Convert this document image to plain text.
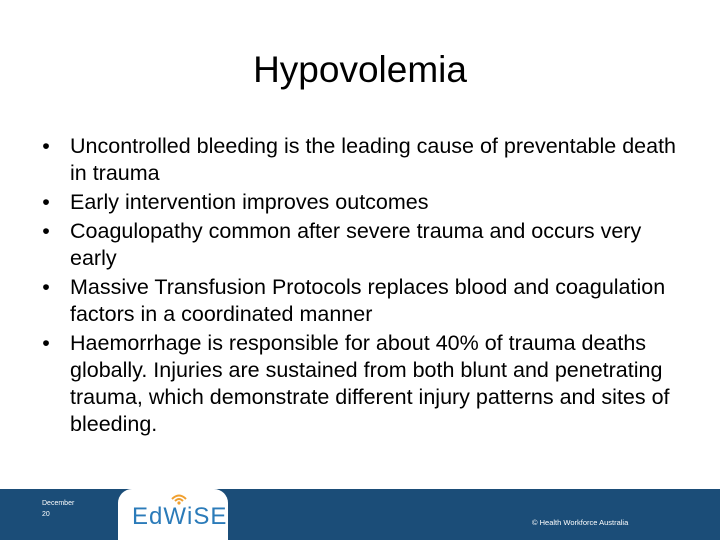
Hypovolemia
• Uncontrolled bleeding is the leading cause of preventable death in trauma
• Early intervention improves outcomes
• Coagulopathy common after severe trauma and occurs very early
• Massive Transfusion Protocols replaces blood and coagulation factors in a coordinated manner
• Haemorrhage is responsible for about 40% of trauma deaths globally. Injuries are sustained from both blunt and penetrating trauma, which demonstrate different injury patterns and sites of bleeding.
December
20	EdWiSE	© Health Workforce Australia
